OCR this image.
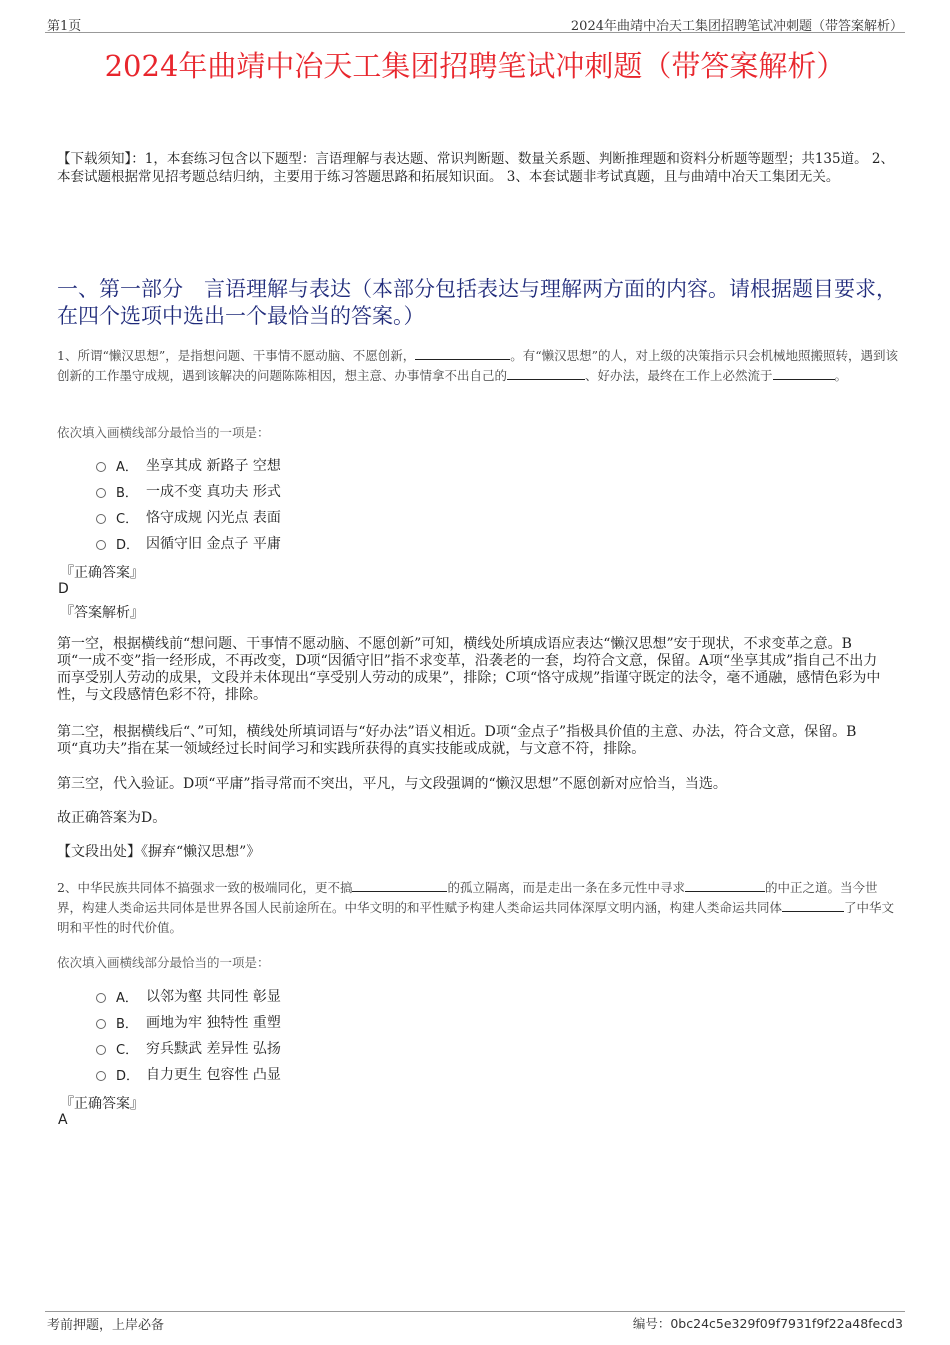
第1页	2024年曲靖中冶天工集团招聘笔试冲刺题（带答案解析）
2024年曲靖中冶天工集团招聘笔试冲刺题（带答案解析）
【下载须知】：1，本套练习包含以下题型：言语理解与表达题、常识判断题、数量关系题、判断推理题和资料分析题等题型；共135道。 2、本套试题根据常见招考题总结归纳，主要用于练习答题思路和拓展知识面。 3、本套试题非考试真题，且与曲靖中冶天工集团无关。
一、第一部分　言语理解与表达（本部分包括表达与理解两方面的内容。请根据题目要求，在四个选项中选出一个最恰当的答案。）
1、所谓“懒汉思想”，是指想问题、干事情不愿动脑、不愿创新，	。有“懒汉思想”的人，对上级的决策指示只会机械地照搬照转，遇到该创新的工作墨守成规，遇到该解决的问题陈陈相因，想主意、办事情拿不出自己的	、好办法，最终在工作上必然流于	。
依次填入画横线部分最恰当的一项是：
A． 坐享其成 新路子 空想
B． 一成不变 真功夫 形式
C． 恪守成规 闪光点 表面
D． 因循守旧 金点子 平庸
『正确答案』
D
『答案解析』
第一空，根据横线前“想问题、干事情不愿动脑、不愿创新”可知，横线处所填成语应表达“懒汉思想”安于现状，不求变革之意。B项“一成不变”指一经形成，不再改变，D项“因循守旧”指不求变革，沿袭老的一套，均符合文意，保留。A项“坐享其成”指自己不出力而享受别人劳动的成果，文段并未体现出“享受别人劳动的成果”，排除；C项“恪守成规”指谨守既定的法令，毫不通融，感情色彩为中性，与文段感情色彩不符，排除。
第二空，根据横线后“、”可知，横线处所填词语与“好办法”语义相近。D项“金点子”指极具价值的主意、办法，符合文意，保留。B项“真功夫”指在某一领域经过长时间学习和实践所获得的真实技能或成就，与文意不符，排除。
第三空，代入验证。D项“平庸”指寻常而不突出，平凡，与文段强调的“懒汉思想”不愿创新对应恰当，当选。
故正确答案为D。
【文段出处】《摒弃“懒汉思想”》
2、中华民族共同体不搞强求一致的极端同化，更不搞	的孤立隔离，而是走出一条在多元性中寻求	的中正之道。当今世界，构建人类命运共同体是世界各国人民前途所在。中华文明的和平性赋予构建人类命运共同体深厚文明内涵，构建人类命运共同体	了中华文明和平性的时代价值。
依次填入画横线部分最恰当的一项是：
A． 以邻为壑 共同性 彰显
B． 画地为牢 独特性 重塑
C． 穷兵黩武 差异性 弘扬
D． 自力更生 包容性 凸显
『正确答案』
A
考前押题，上岸必备	编号：0bc24c5e329f09f7931f9f22a48fecd3
